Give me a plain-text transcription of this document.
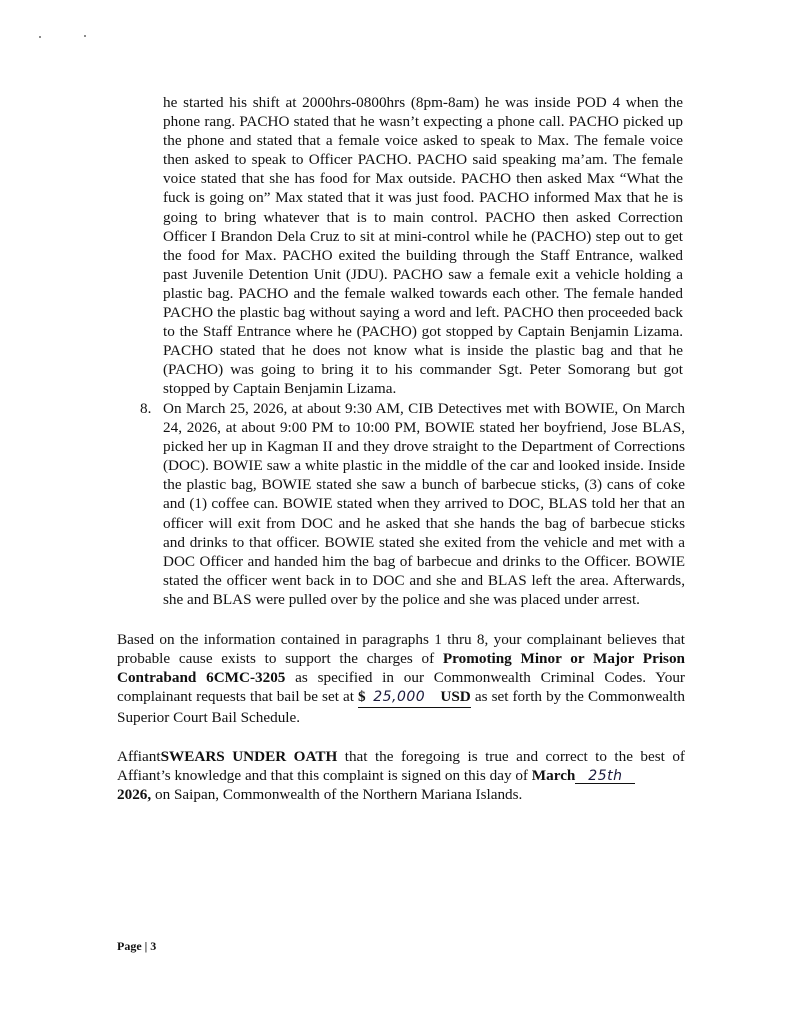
he started his shift at 2000hrs-0800hrs (8pm-8am) he was inside POD 4 when the phone rang. PACHO stated that he wasn’t expecting a phone call. PACHO picked up the phone and stated that a female voice asked to speak to Max. The female voice then asked to speak to Officer PACHO. PACHO said speaking ma’am. The female voice stated that she has food for Max outside. PACHO then asked Max “What the fuck is going on” Max stated that it was just food. PACHO informed Max that he is going to bring whatever that is to main control. PACHO then asked Correction Officer I Brandon Dela Cruz to sit at mini-control while he (PACHO) step out to get the food for Max. PACHO exited the building through the Staff Entrance, walked past Juvenile Detention Unit (JDU). PACHO saw a female exit a vehicle holding a plastic bag. PACHO and the female walked towards each other. The female handed PACHO the plastic bag without saying a word and left. PACHO then proceeded back to the Staff Entrance where he (PACHO) got stopped by Captain Benjamin Lizama. PACHO stated that he does not know what is inside the plastic bag and that he (PACHO) was going to bring it to his commander Sgt. Peter Somorang but got stopped by Captain Benjamin Lizama.

8. On March 25, 2026, at about 9:30 AM, CIB Detectives met with BOWIE, On March 24, 2026, at about 9:00 PM to 10:00 PM, BOWIE stated her boyfriend, Jose BLAS, picked her up in Kagman II and they drove straight to the Department of Corrections (DOC). BOWIE saw a white plastic in the middle of the car and looked inside. Inside the plastic bag, BOWIE stated she saw a bunch of barbecue sticks, (3) cans of coke and (1) coffee can. BOWIE stated when they arrived to DOC, BLAS told her that an officer will exit from DOC and he asked that she hands the bag of barbecue sticks and drinks to that officer. BOWIE stated she exited from the vehicle and met with a DOC Officer and handed him the bag of barbecue and drinks to the Officer. BOWIE stated the officer went back in to DOC and she and BLAS left the area. Afterwards, she and BLAS were pulled over by the police and she was placed under arrest.

Based on the information contained in paragraphs 1 thru 8, your complainant believes that probable cause exists to support the charges of Promoting Minor or Major Prison Contraband 6CMC-3205 as specified in our Commonwealth Criminal Codes. Your complainant requests that bail be set at $ 25,000 USD as set forth by the Commonwealth Superior Court Bail Schedule.

AffiantSWEARS UNDER OATH that the foregoing is true and correct to the best of Affiant’s knowledge and that this complaint is signed on this day of March 25th
2026, on Saipan, Commonwealth of the Northern Mariana Islands.

Page | 3
